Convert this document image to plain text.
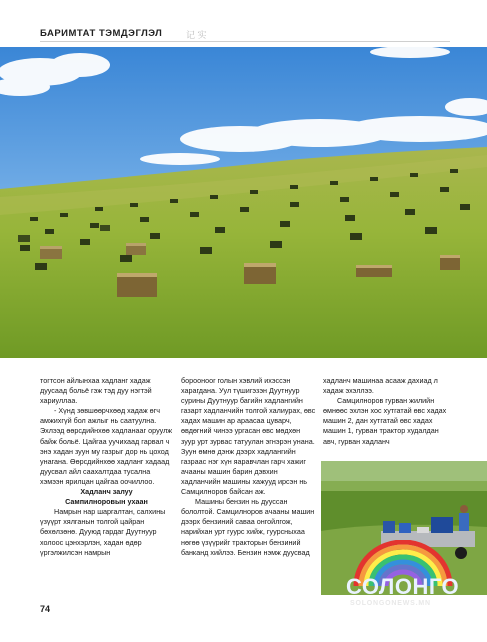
БАРИМТАТ ТЭМДЭГЛЭЛ	记 实

тогтсон айлынхаа хадланг хадаж дуусаад больё гэж тэд дуу нэгтэй хариуллаа.

- Хүнд зөвшөөрчхөөд хадаж өгч амжихгүй бол ажлыг нь саатуулна. Эхлээд өөрсдийнхөө хадланааг оруулж байж больё. Цайгаа уучихаад гарвал ч энэ хадан зуун му газрыг дор нь цоход унагана. Өөрсдийнхөө хадланг хадаад дуусвал айл саахалтдаа тусална хэмээн ярилцан цайгаа оочиллоо.

Хадланч залуу

Сампилноровын ухаан

Намрын нар шаргалтан, салхины үзүүрт хялганын толгой цайран бөхөлзөнө. Дууюд гардаг Дуутнуур холоос цэнхэрлэн, хадан өдөр үргэлжилсэн намрын

бороонооr голын хэвлий ихэссэн харагдана. Уул түшигэзэн Дуутнуур сурины Дуутнуур багийн хадлангийн газарт хадланчийн толгой халиурах, өвс хадах машин ар араасаа цуварч, өвдөгний чинээ ургасан өвс мөдхөн зуур урт зурвас татуулан эгнэрэн унана. Зуун өмнө дэнж дээрх хадлангийн газраас нэг хүн яаравчлан гарч хажиг ачааны машин барин дэвхин хадланчийн машины хажууд ирсэн нь Самцилноров байсан аж.

Машины бензин нь дууссан бололтой. Самцилноров ачааны машин дээрх бензиний саваа онгойлгож, нарийхан урт гуурс хийж, гуурсныхаа нөгөө үзүүрийг тракторын бензиний банканд хийлээ. Бензин нэмж дуусвад

хадланч машинаа асааж дахиад л хадаж эхэллээ.

Самцилноров гурван жилийн өмнөөс эхлэн хос хутгатай өвс хадах машин 2, дан хутгатай өвс хадах машин 1, гурван трактор худалдан авч, гурван хадланч

СОЛОНГО
SOLONGONEWS.MN
74
